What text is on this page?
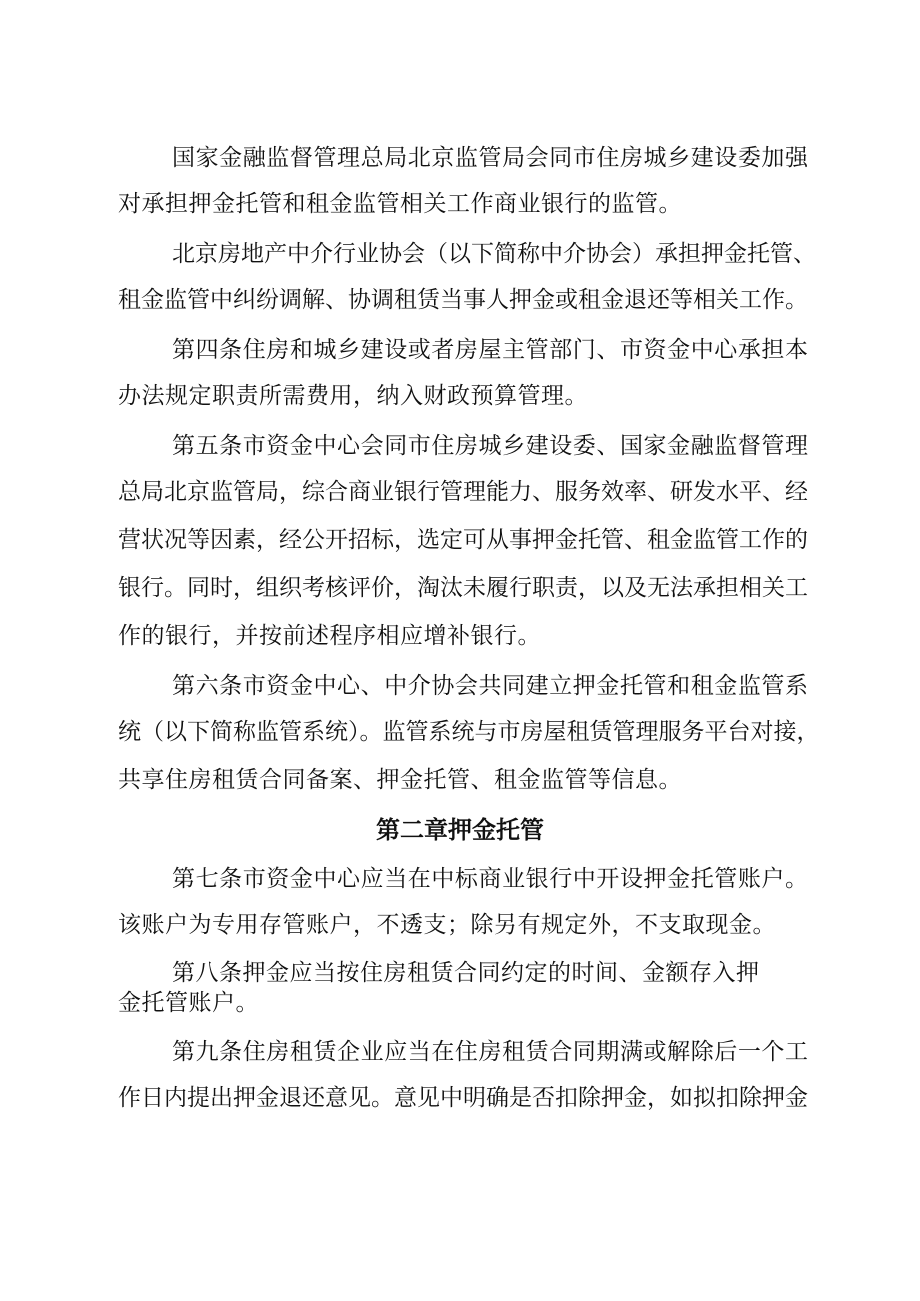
国家金融监督管理总局北京监管局会同市住房城乡建设委加强
对承担押金托管和租金监管相关工作商业银行的监管。
北京房地产中介行业协会（以下简称中介协会）承担押金托管、
租金监管中纠纷调解、协调租赁当事人押金或租金退还等相关工作。
第四条住房和城乡建设或者房屋主管部门、市资金中心承担本
办法规定职责所需费用，纳入财政预算管理。
第五条市资金中心会同市住房城乡建设委、国家金融监督管理
总局北京监管局，综合商业银行管理能力、服务效率、研发水平、经
营状况等因素，经公开招标，选定可从事押金托管、租金监管工作的
银行。同时，组织考核评价，淘汰未履行职责，以及无法承担相关工
作的银行，并按前述程序相应增补银行。
第六条市资金中心、中介协会共同建立押金托管和租金监管系
统（以下简称监管系统）。监管系统与市房屋租赁管理服务平台对接，
共享住房租赁合同备案、押金托管、租金监管等信息。
第二章押金托管
第七条市资金中心应当在中标商业银行中开设押金托管账户。
该账户为专用存管账户，不透支；除另有规定外，不支取现金。
第八条押金应当按住房租赁合同约定的时间、金额存入押
金托管账户。
第九条住房租赁企业应当在住房租赁合同期满或解除后一个工
作日内提出押金退还意见。意见中明确是否扣除押金，如拟扣除押金
